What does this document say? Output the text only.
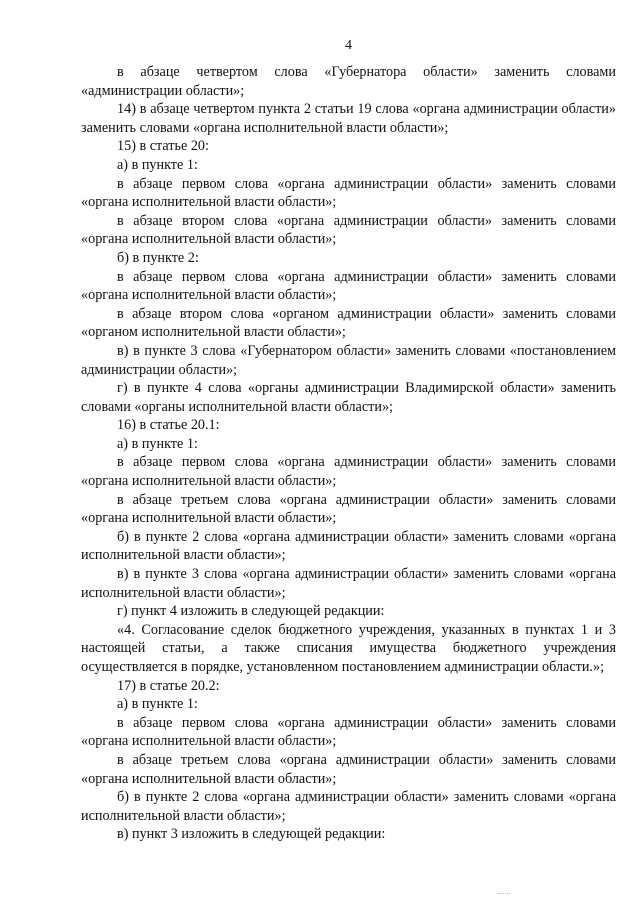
4

в абзаце четвертом слова «Губернатора области» заменить словами «администрации области»;

14) в абзаце четвертом пункта 2 статьи 19 слова «органа администрации области» заменить словами «органа исполнительной власти области»;

15) в статье 20:

а) в пункте 1:

в абзаце первом слова «органа администрации области» заменить словами «органа исполнительной власти области»;

в абзаце втором слова «органа администрации области» заменить словами «органа исполнительной власти области»;

б) в пункте 2:

в абзаце первом слова «органа администрации области» заменить словами «органа исполнительной власти области»;

в абзаце втором слова «органом администрации области» заменить словами «органом исполнительной власти области»;

в) в пункте 3 слова «Губернатором области» заменить словами «постановлением администрации области»;

г) в пункте 4 слова «органы администрации Владимирской области» заменить словами «органы исполнительной власти области»;

16) в статье 20.1:

а) в пункте 1:

в абзаце первом слова «органа администрации области» заменить словами «органа исполнительной власти области»;

в абзаце третьем слова «органа администрации области» заменить словами «органа исполнительной власти области»;

б) в пункте 2 слова «органа администрации области» заменить словами «органа исполнительной власти области»;

в) в пункте 3 слова «органа администрации области» заменить словами «органа исполнительной власти области»;

г) пункт 4 изложить в следующей редакции:

«4. Согласование сделок бюджетного учреждения, указанных в пунктах 1 и 3 настоящей статьи, а также списания имущества бюджетного учреждения осуществляется в порядке, установленном постановлением администрации области.»;

17) в статье 20.2:

а) в пункте 1:

в абзаце первом слова «органа администрации области» заменить словами «органа исполнительной власти области»;

в абзаце третьем слова «органа администрации области» заменить словами «органа исполнительной власти области»;

б) в пункте 2 слова «органа администрации области» заменить словами «органа исполнительной власти области»;

в) пункт 3 изложить в следующей редакции:
